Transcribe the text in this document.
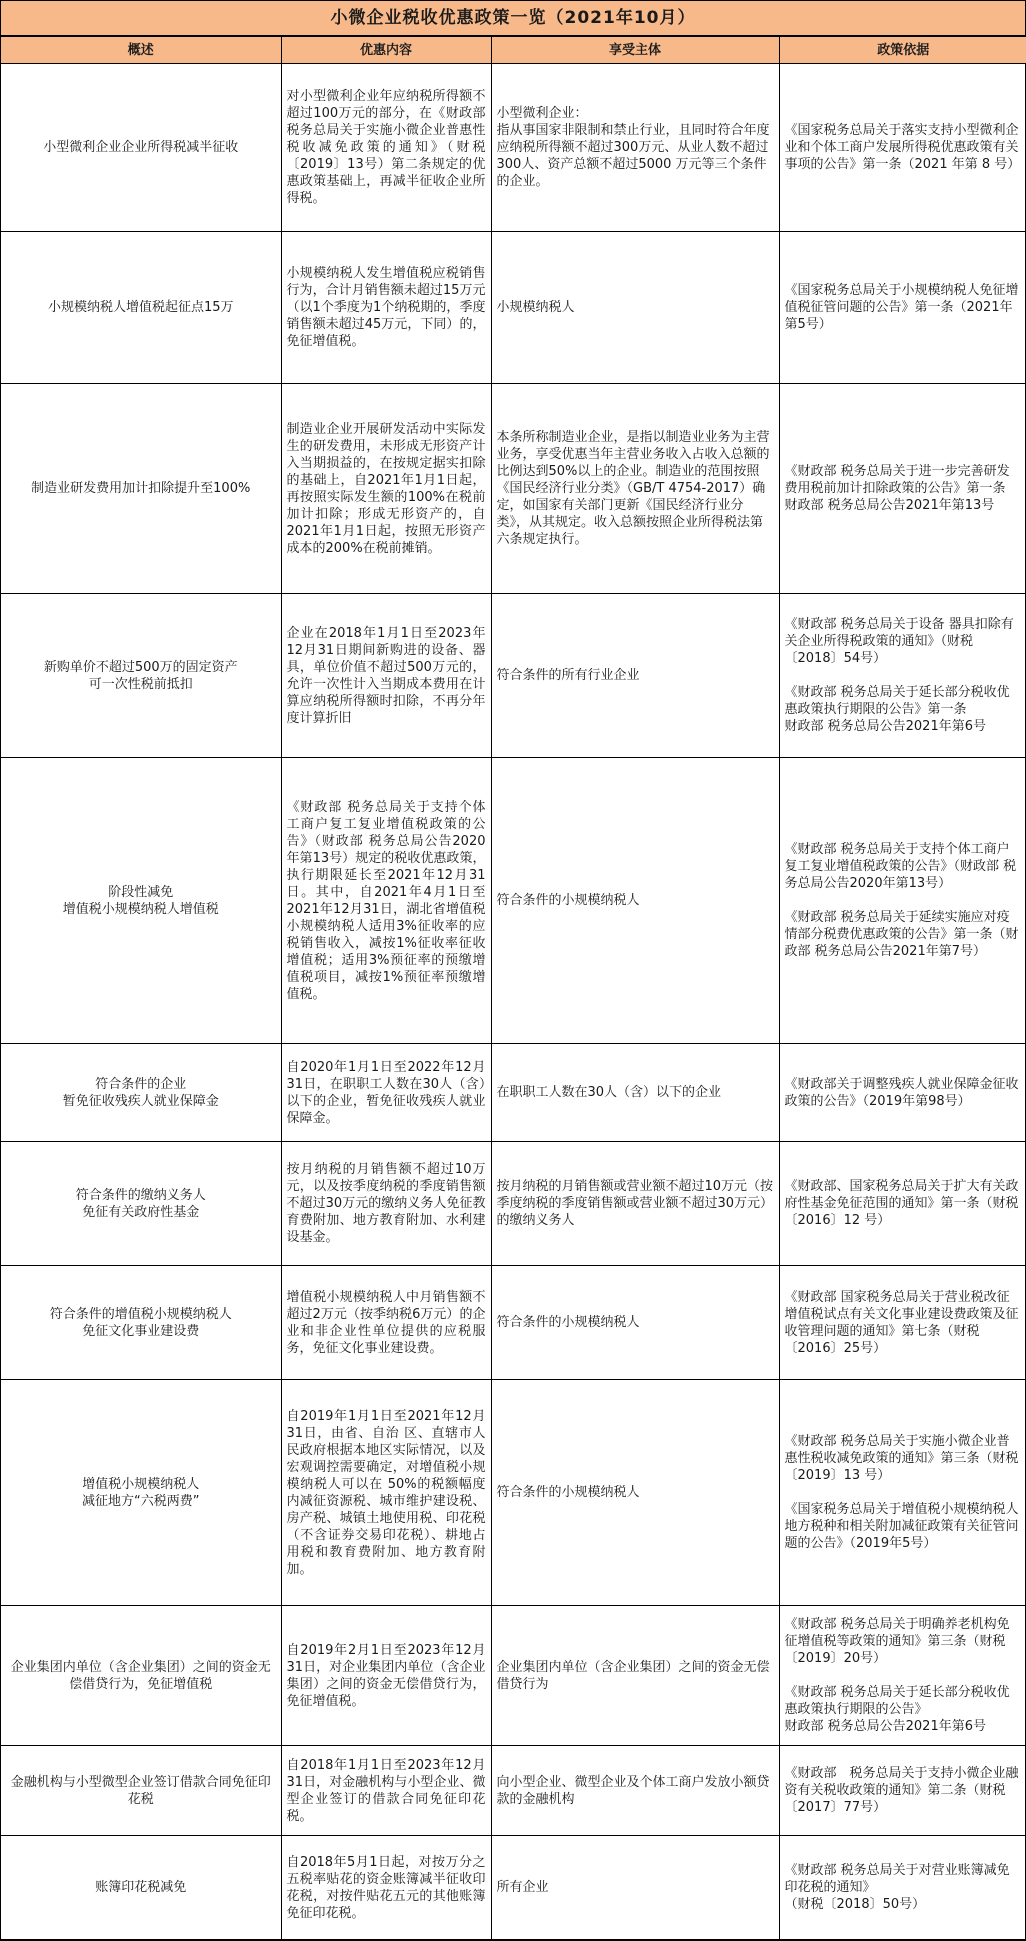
小微企业税收优惠政策一览（2021年10月）
概述	优惠内容	享受主体	政策依据
小型微利企业企业所得税减半征收	对小型微利企业年应纳税所得额不超过100万元的部分，在《财政部 税务总局关于实施小微企业普惠性税收减免政策的通知》（财税〔2019〕13号）第二条规定的优惠政策基础上，再减半征收企业所得税。	小型微利企业：
指从事国家非限制和禁止行业，且同时符合年度应纳税所得额不超过300万元、从业人数不超过300人、资产总额不超过5000 万元等三个条件的企业。	《国家税务总局关于落实支持小型微利企业和个体工商户发展所得税优惠政策有关事项的公告》第一条（2021 年第 8 号）
小规模纳税人增值税起征点15万	小规模纳税人发生增值税应税销售行为，合计月销售额未超过15万元（以1个季度为1个纳税期的，季度销售额未超过45万元，下同）的，免征增值税。	小规模纳税人	《国家税务总局关于小规模纳税人免征增值税征管问题的公告》第一条（2021年第5号）
制造业研发费用加计扣除提升至100%	制造业企业开展研发活动中实际发生的研发费用，未形成无形资产计入当期损益的，在按规定据实扣除的基础上，自2021年1月1日起，再按照实际发生额的100%在税前加计扣除；形成无形资产的，自2021年1月1日起，按照无形资产成本的200%在税前摊销。	本条所称制造业企业，是指以制造业业务为主营业务，享受优惠当年主营业务收入占收入总额的比例达到50%以上的企业。制造业的范围按照《国民经济行业分类》（GB/T 4754-2017）确定，如国家有关部门更新《国民经济行业分类》，从其规定。收入总额按照企业所得税法第六条规定执行。	《财政部 税务总局关于进一步完善研发费用税前加计扣除政策的公告》第一条
财政部 税务总局公告2021年第13号
新购单价不超过500万的固定资产
可一次性税前抵扣	企业在2018年1月1日至2023年12月31日期间新购进的设备、器具，单位价值不超过500万元的，允许一次性计入当期成本费用在计算应纳税所得额时扣除，不再分年度计算折旧	符合条件的所有行业企业	《财政部 税务总局关于设备 器具扣除有关企业所得税政策的通知》（财税〔2018〕54号）

《财政部 税务总局关于延长部分税收优惠政策执行期限的公告》第一条
财政部 税务总局公告2021年第6号
阶段性减免
增值税小规模纳税人增值税	《财政部 税务总局关于支持个体工商户复工复业增值税政策的公告》（财政部 税务总局公告2020年第13号）规定的税收优惠政策，执行期限延长至2021年12月31日。其中，自2021年4月1日至2021年12月31日，湖北省增值税小规模纳税人适用3%征收率的应税销售收入，减按1%征收率征收增值税；适用3%预征率的预缴增值税项目，减按1%预征率预缴增值税。	符合条件的小规模纳税人	《财政部 税务总局关于支持个体工商户复工复业增值税政策的公告》（财政部 税务总局公告2020年第13号）

《财政部 税务总局关于延续实施应对疫情部分税费优惠政策的公告》第一条（财政部 税务总局公告2021年第7号）
符合条件的企业
暂免征收残疾人就业保障金	自2020年1月1日至2022年12月31日，在职职工人数在30人（含）以下的企业，暂免征收残疾人就业保障金。	在职职工人数在30人（含）以下的企业	《财政部关于调整残疾人就业保障金征收政策的公告》（2019年第98号）
符合条件的缴纳义务人
免征有关政府性基金	按月纳税的月销售额不超过10万元，以及按季度纳税的季度销售额不超过30万元的缴纳义务人免征教育费附加、地方教育附加、水利建设基金。	按月纳税的月销售额或营业额不超过10万元（按季度纳税的季度销售额或营业额不超过30万元）的缴纳义务人	《财政部、国家税务总局关于扩大有关政府性基金免征范围的通知》第一条（财税〔2016〕12 号）
符合条件的增值税小规模纳税人
免征文化事业建设费	增值税小规模纳税人中月销售额不超过2万元（按季纳税6万元）的企业和非企业性单位提供的应税服务，免征文化事业建设费。	符合条件的小规模纳税人	《财政部 国家税务总局关于营业税改征增值税试点有关文化事业建设费政策及征收管理问题的通知》第七条（财税〔2016〕25号）
增值税小规模纳税人
减征地方“六税两费”	自2019年1月1日至2021年12月31日，由省、自治 区、直辖市人民政府根据本地区实际情况，以及宏观调控需要确定，对增值税小规模纳税人可以在 50%的税额幅度内减征资源税、城市维护建设税、房产税、城镇土地使用税、印花税（不含证券交易印花税）、耕地占用税和教育费附加、地方教育附加。	符合条件的小规模纳税人	《财政部 税务总局关于实施小微企业普惠性税收减免政策的通知》第三条（财税〔2019〕13 号）

《国家税务总局关于增值税小规模纳税人地方税种和相关附加减征政策有关征管问题的公告》（2019年5号）
企业集团内单位（含企业集团）之间的资金无偿借贷行为，免征增值税	自2019年2月1日至2023年12月31日，对企业集团内单位（含企业集团）之间的资金无偿借贷行为，免征增值税。	企业集团内单位（含企业集团）之间的资金无偿借贷行为	《财政部 税务总局关于明确养老机构免征增值税等政策的通知》第三条（财税〔2019〕20号）

《财政部 税务总局关于延长部分税收优惠政策执行期限的公告》
财政部 税务总局公告2021年第6号
金融机构与小型微型企业签订借款合同免征印花税	自2018年1月1日至2023年12月31日，对金融机构与小型企业、微型企业签订的借款合同免征印花税。	向小型企业、微型企业及个体工商户发放小额贷款的金融机构	《财政部　税务总局关于支持小微企业融资有关税收政策的通知》第二条（财税〔2017〕77号）
账簿印花税减免	自2018年5月1日起，对按万分之五税率贴花的资金账簿减半征收印花税，对按件贴花五元的其他账簿免征印花税。	所有企业	《财政部 税务总局关于对营业账簿减免印花税的通知》
（财税〔2018〕50号）
